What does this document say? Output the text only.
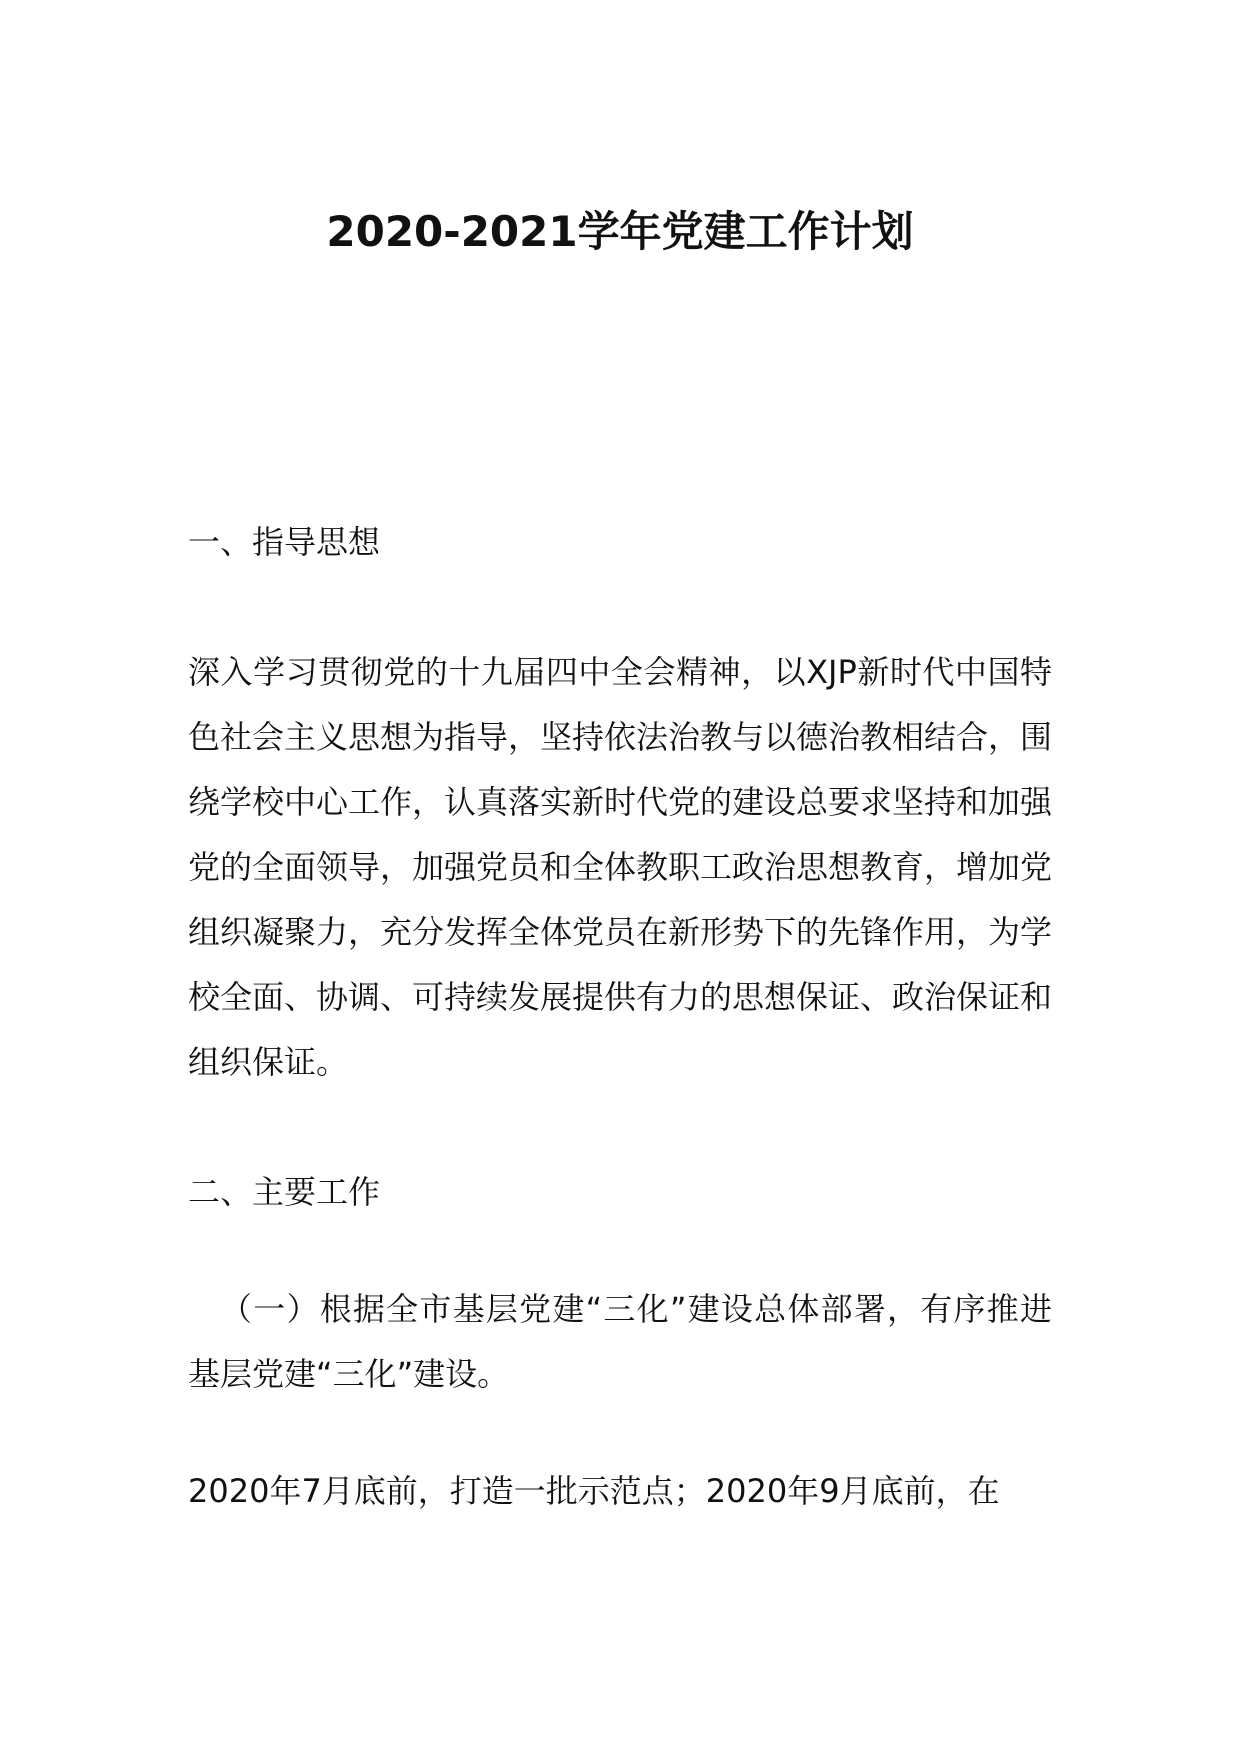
2020-2021学年党建工作计划
一、指导思想

深入学习贯彻党的十九届四中全会精神，以XJP新时代中国特色社会主义思想为指导，坚持依法治教与以德治教相结合，围绕学校中心工作，认真落实新时代党的建设总要求坚持和加强党的全面领导，加强党员和全体教职工政治思想教育，增加党组织凝聚力，充分发挥全体党员在新形势下的先锋作用，为学校全面、协调、可持续发展提供有力的思想保证、政治保证和组织保证。

二、主要工作

（一）根据全市基层党建“三化”建设总体部署，有序推进基层党建“三化”建设。

2020年7月底前，打造一批示范点；2020年9月底前，在
